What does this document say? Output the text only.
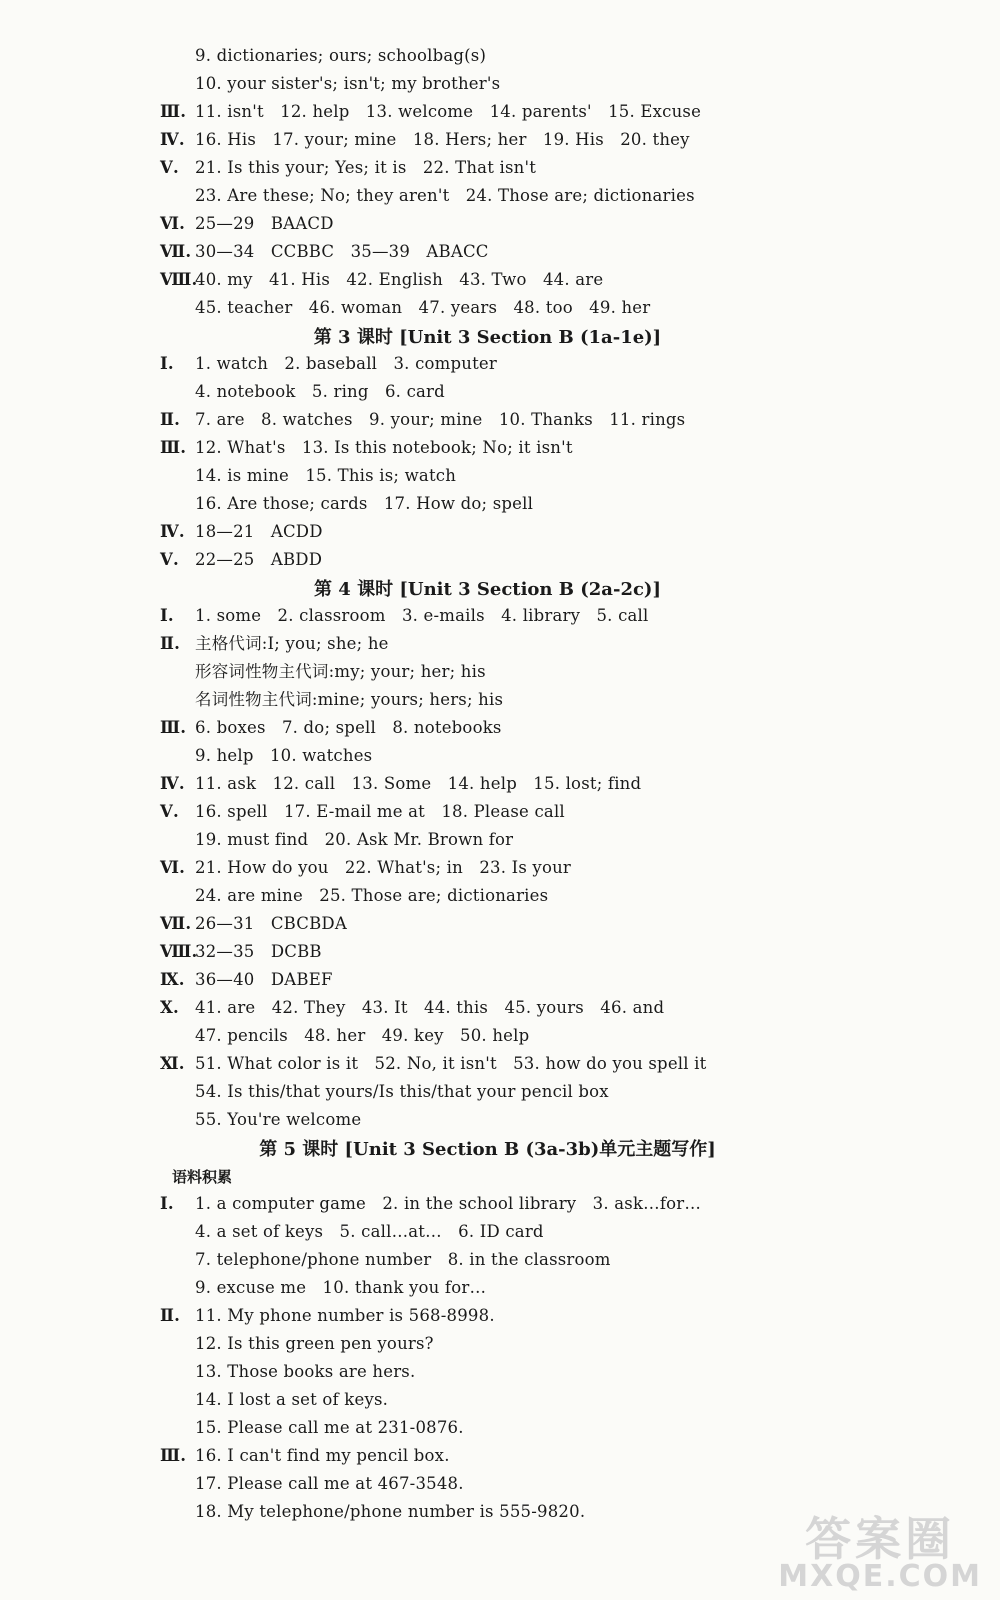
9. dictionaries; ours; schoolbag(s)
10. your sister's; isn't; my brother's
Ⅲ. 11. isn't   12. help   13. welcome   14. parents'   15. Excuse
Ⅳ. 16. His   17. your; mine   18. Hers; her   19. His   20. they
Ⅴ. 21. Is this your; Yes; it is   22. That isn't
23. Are these; No; they aren't   24. Those are; dictionaries
Ⅵ. 25—29   BAACD
Ⅶ. 30—34   CCBBC   35—39   ABACC
Ⅷ.40. my   41. His   42. English   43. Two   44. are
45. teacher   46. woman   47. years   48. too   49. her
第 3 课时 [Unit 3 Section B (1a-1e)]
Ⅰ. 1. watch   2. baseball   3. computer
4. notebook   5. ring   6. card
Ⅱ. 7. are   8. watches   9. your; mine   10. Thanks   11. rings
Ⅲ. 12. What's   13. Is this notebook; No; it isn't
14. is mine   15. This is; watch
16. Are those; cards   17. How do; spell
Ⅳ. 18—21   ACDD
Ⅴ. 22—25   ABDD
第 4 课时 [Unit 3 Section B (2a-2c)]
Ⅰ. 1. some   2. classroom   3. e-mails   4. library   5. call
Ⅱ. 主格代词:I; you; she; he
形容词性物主代词:my; your; her; his
名词性物主代词:mine; yours; hers; his
Ⅲ. 6. boxes   7. do; spell   8. notebooks
9. help   10. watches
Ⅳ. 11. ask   12. call   13. Some   14. help   15. lost; find
Ⅴ. 16. spell   17. E-mail me at   18. Please call
19. must find   20. Ask Mr. Brown for
Ⅵ. 21. How do you   22. What's; in   23. Is your
24. are mine   25. Those are; dictionaries
Ⅶ. 26—31   CBCBDA
Ⅷ.32—35   DCBB
Ⅸ. 36—40   DABEF
Ⅹ. 41. are   42. They   43. It   44. this   45. yours   46. and
47. pencils   48. her   49. key   50. help
Ⅺ. 51. What color is it   52. No, it isn't   53. how do you spell it
54. Is this/that yours/Is this/that your pencil box
55. You're welcome
第 5 课时 [Unit 3 Section B (3a-3b)单元主题写作]
语料积累
Ⅰ. 1. a computer game   2. in the school library   3. ask…for…
4. a set of keys   5. call…at…   6. ID card
7. telephone/phone number   8. in the classroom
9. excuse me   10. thank you for…
Ⅱ. 11. My phone number is 568-8998.
12. Is this green pen yours?
13. Those books are hers.
14. I lost a set of keys.
15. Please call me at 231-0876.
Ⅲ. 16. I can't find my pencil box.
17. Please call me at 467-3548.
18. My telephone/phone number is 555-9820.
答案圈
MXQE.COM
